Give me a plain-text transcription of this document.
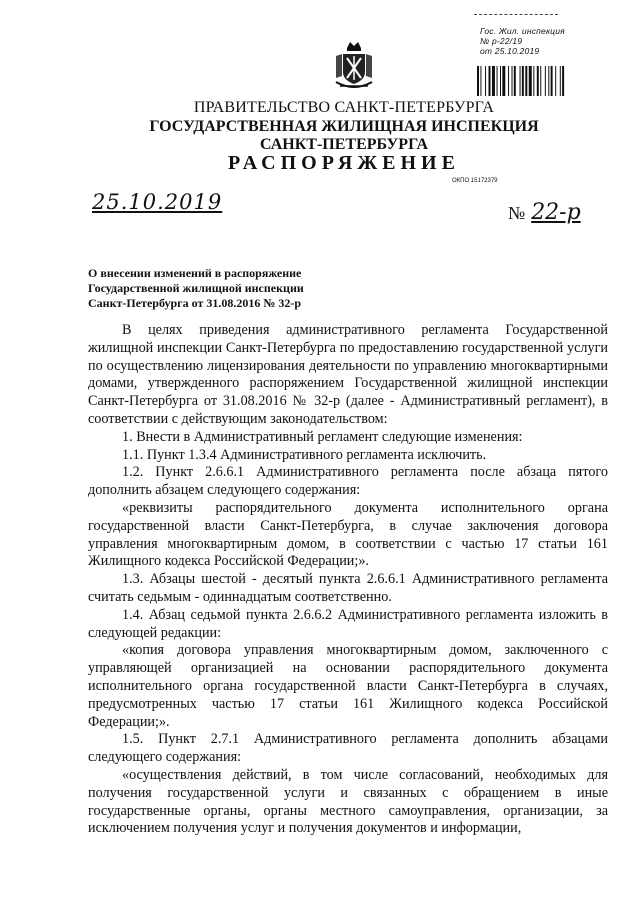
Гос. Жил. инспекция
№ р-22/19
от 25.10.2019
ПРАВИТЕЛЬСТВО САНКТ-ПЕТЕРБУРГА
ГОСУДАРСТВЕННАЯ ЖИЛИЩНАЯ ИНСПЕКЦИЯ
САНКТ-ПЕТЕРБУРГА
РАСПОРЯЖЕНИЕ
ОКПО 15172379
25.10.2019	№ 22-р
О внесении изменений в распоряжение
Государственной жилищной инспекции
Санкт-Петербурга от 31.08.2016 № 32-р

В целях приведения административного регламента Государственной жилищной инспекции Санкт-Петербурга по предоставлению государственной услуги по осуществлению лицензирования деятельности по управлению многоквартирными домами, утвержденного распоряжением Государственной жилищной инспекции Санкт-Петербурга от 31.08.2016 № 32-р (далее - Административный регламент), в соответствии с действующим законодательством:

1. Внести в Административный регламент следующие изменения:

1.1. Пункт 1.3.4 Административного регламента исключить.

1.2. Пункт 2.6.6.1 Административного регламента после абзаца пятого дополнить абзацем следующего содержания:

«реквизиты распорядительного документа исполнительного органа государственной власти Санкт-Петербурга, в случае заключения договора управления многоквартирным домом, в соответствии с частью 17 статьи 161 Жилищного кодекса Российской Федерации;».

1.3. Абзацы шестой - десятый пункта 2.6.6.1 Административного регламента считать седьмым - одиннадцатым соответственно.

1.4. Абзац седьмой пункта 2.6.6.2 Административного регламента изложить в следующей редакции:

«копия договора управления многоквартирным домом, заключенного с управляющей организацией на основании распорядительного документа исполнительного органа государственной власти Санкт-Петербурга в случаях, предусмотренных частью 17 статьи 161 Жилищного кодекса Российской Федерации;».

1.5. Пункт 2.7.1 Административного регламента дополнить абзацами следующего содержания:

«осуществления действий, в том числе согласований, необходимых для получения государственной услуги и связанных с обращением в иные государственные органы, органы местного самоуправления, организации, за исключением получения услуг и получения документов и информации,
